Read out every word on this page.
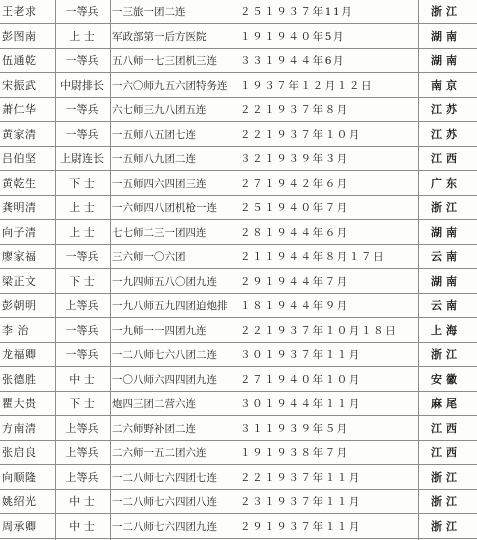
王老求	一等兵	一三旅一团二连	２５１９３７年11月	浙江
彭图南	上 士	军政部第一后方医院	１９１９４０年5月	湖南
伍通乾	一等兵	五八师一七三团机三连	３３１９４４年6月	湖南
宋振武	中尉排长 一六〇师九五六团特务连	１９３７年１２月１２日	南京
萧仁华	一等兵	六七师三九八团五连	２２１９３７年８月	江苏
黄家清	一等兵	一五师八五团七连	２２１９３７年１０月	江苏
吕伯坚	上尉连长 一五师八九团二连	３２１９３９年３月	江西
黄乾生	下 士	一五师四六四团三连	２７１９４２年６月	广东
龚明清	上 士	一六师四八团机枪一连	２５１９４０年７月	浙江
向子清	上 士	七七师二三一团四连	２８１９４４年６月	湖南
廖家福	一等兵	三六师一〇六团	２１１９４４年８月１７日	云南
梁正文	下 士	一九四师五八〇团九连	２９１９４４年７月	湖南
彭朝明	上等兵	一九八师五九四团迫炮排	１８１９４４年９月	云南
李 治	一等兵	一九师一一四团九连	２２１９３７年１０月１８日	上海
龙福卿	一等兵	一二八师七六八团二连	３０１９３７年１１月	浙江
张德胜	中 士	一〇八师六四四团九连	２７１９４０年１０月	安徽
瞿大贵	下 士	炮四三团二营六连	３０１９４４年１１月	麻尾
方南清	上等兵	二六师野补团二连	３１１９３９年５月	江西
张启良	上等兵	二六师一五二团六连	１９１９３８年７月	江西
向顺隆	上等兵	一二八师七六四团七连	２２１９３７年１１月	浙江
姚绍光	中 士	一二八师七六四团八连	２３１９３７年１１月	浙江
周承卿	中 士	一二八师七六四团九连	２９１９３７年１１月	浙江
